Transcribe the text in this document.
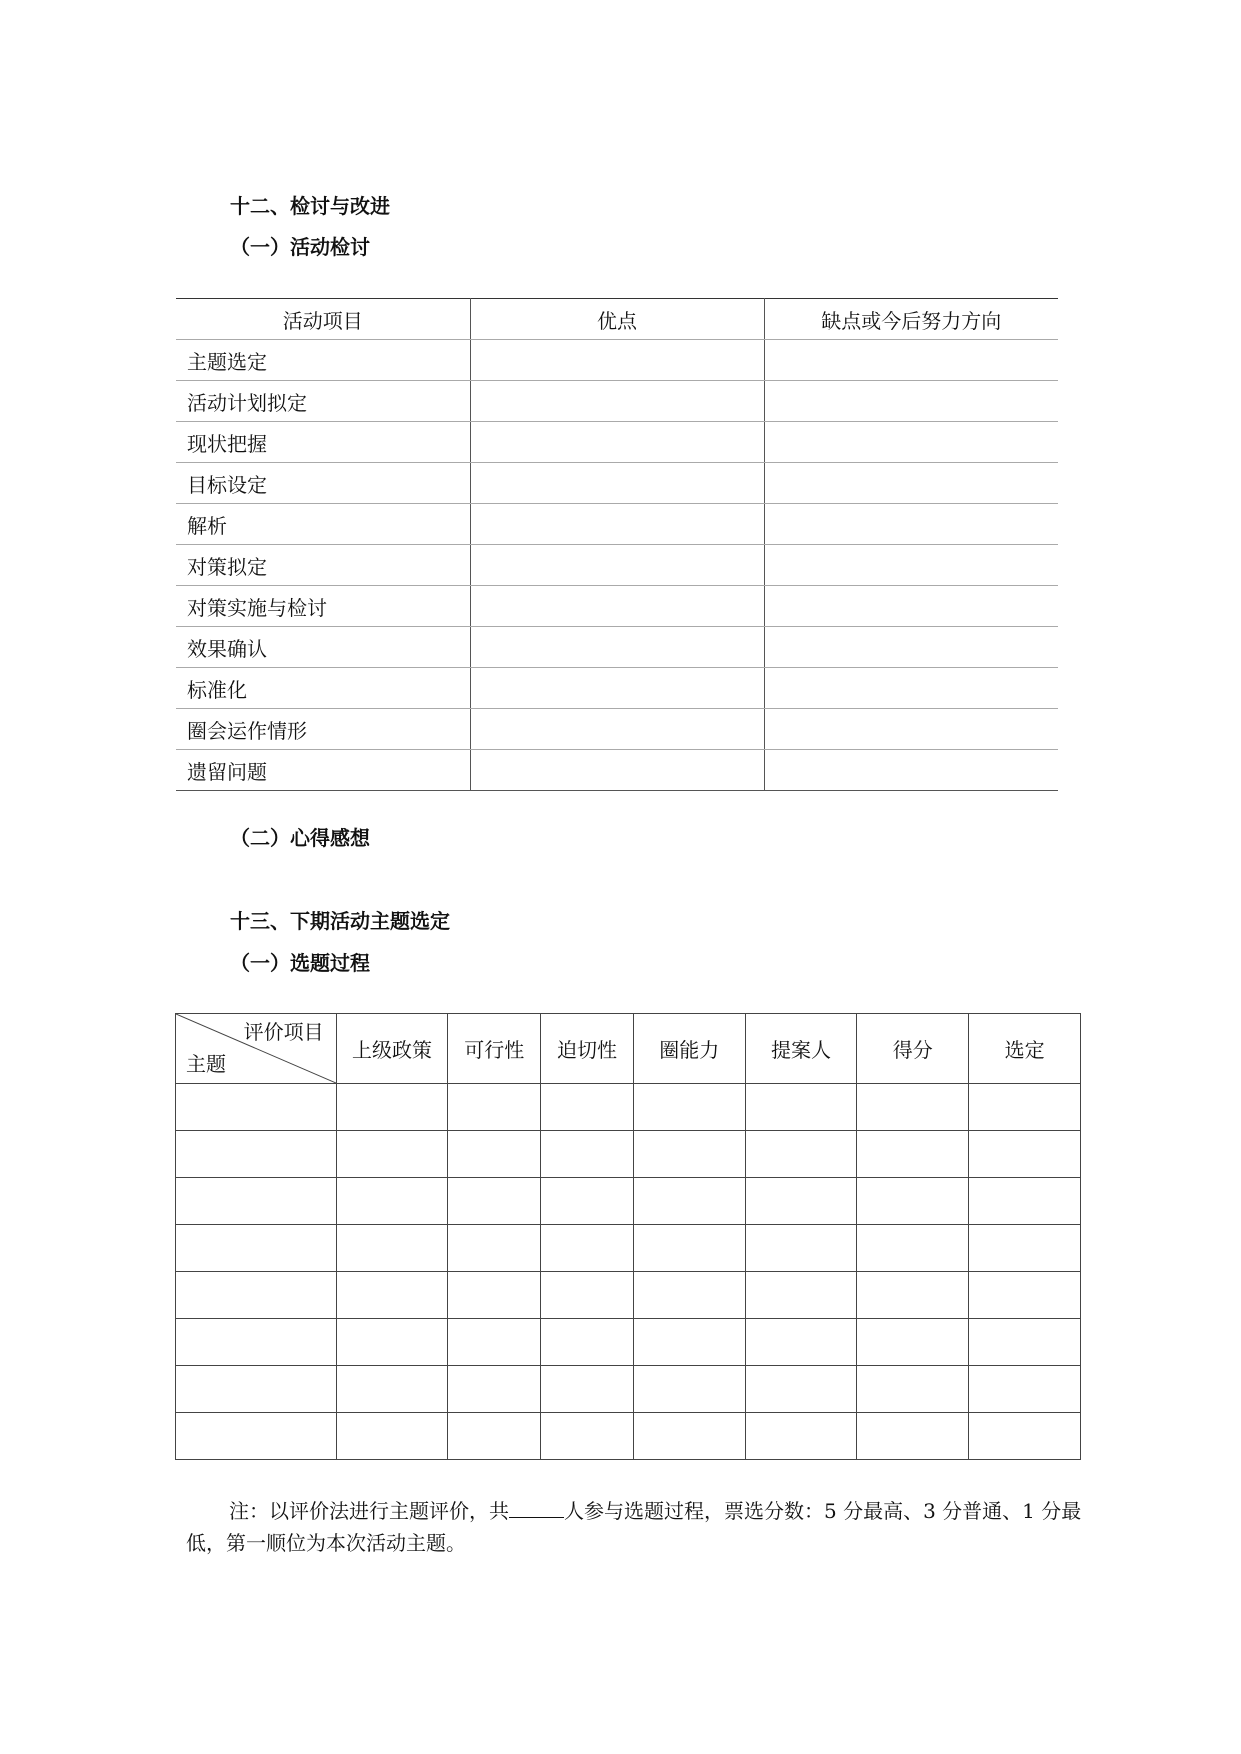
十二、检讨与改进
（一）活动检讨
活动项目	优点	缺点或今后努力方向
主题选定		
活动计划拟定		
现状把握		
目标设定		
解析		
对策拟定		
对策实施与检讨		
效果确认		
标准化		
圈会运作情形		
遗留问题		
（二）心得感想
十三、下期活动主题选定
（一）选题过程
评价项目
主题	上级政策	可行性	迫切性	圈能力	提案人	得分	选定

注：以评价法进行主题评价，共	人参与选题过程，票选分数：5 分最高、3 分普通、1 分最低，第一顺位为本次活动主题。
